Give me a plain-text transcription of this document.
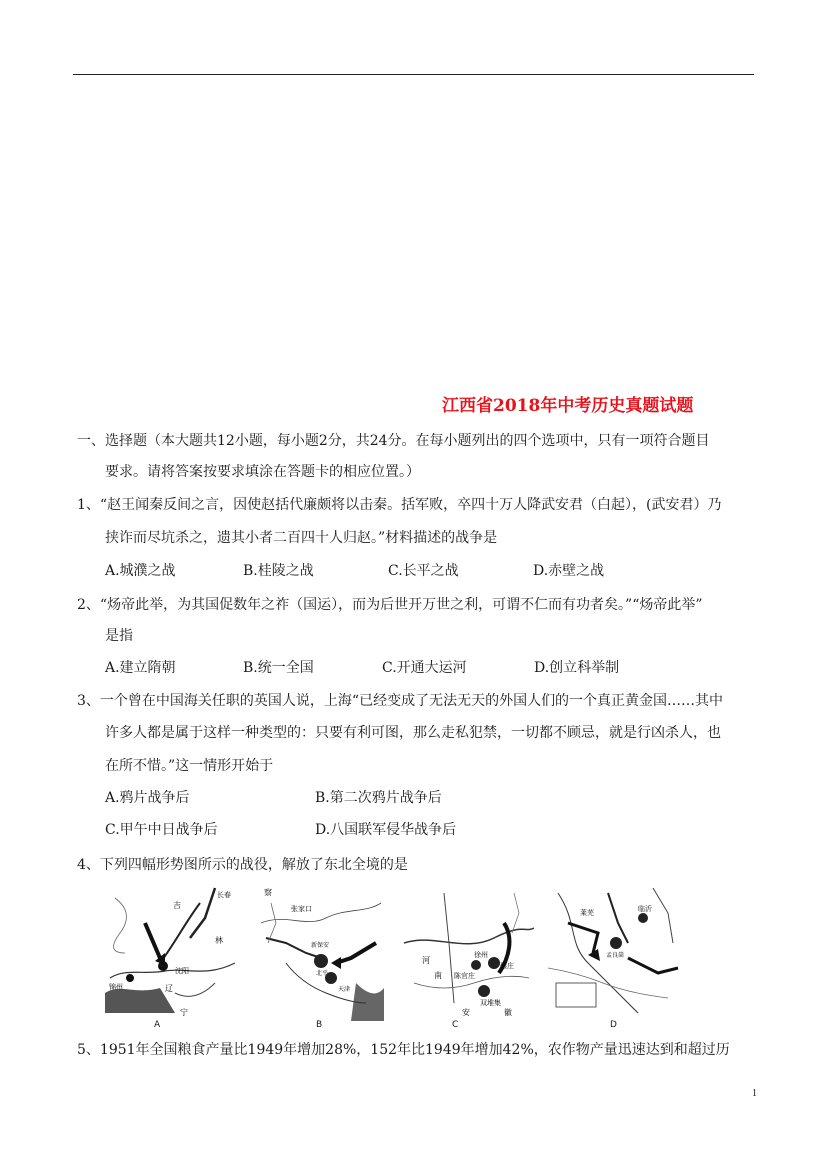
江西省2018年中考历史真题试题
一、选择题（本大题共12小题，每小题2分，共24分。在每小题列出的四个选项中，只有一项符合题目
要求。请将答案按要求填涂在答题卡的相应位置。）
1、“赵王闻秦反间之言，因使赵括代廉颇将以击秦。括军败，卒四十万人降武安君（白起），(武安君）乃
挟诈而尽坑杀之，遗其小者二百四十人归赵。”材料描述的战争是
A.城濮之战	B.桂陵之战	C.长平之战	D.赤壁之战
2、“炀帝此举，为其国促数年之祚（国运），而为后世开万世之利，可谓不仁而有功者矣。”“炀帝此举”
是指
A.建立隋朝	B.统一全国	C.开通大运河	D.创立科举制
3、一个曾在中国海关任职的英国人说，上海“已经变成了无法无天的外国人们的一个真正黄金国……其中
许多人都是属于这样一种类型的：只要有利可图，那么走私犯禁，一切都不顾忌，就是行凶杀人，也
在所不惜。”这一情形开始于
A.鸦片战争后	B.第二次鸦片战争后
C.甲午中日战争后	D.八国联军侵华战争后
4、下列四幅形势图所示的战役，解放了东北全境的是
吉
长春
沈阳
锦州	辽
宁
林
A
张家口
新保安
北平
天津
察
B
徐州
碾庄
陈官庄
双堆集
河
南
安	徽
C
临沂
孟良崮
莱芜
D
5、1951年全国粮食产量比1949年增加28%，152年比1949年增加42%，农作物产量迅速达到和超过历
1
